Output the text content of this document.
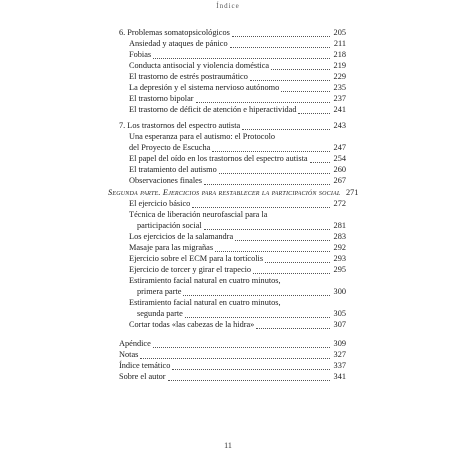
Índice
6. Problemas somatopsicológicos	205
Ansiedad y ataques de pánico	211
Fobias	218
Conducta antisocial y violencia doméstica	219
El trastorno de estrés postraumático	229
La depresión y el sistema nervioso autónomo	235
El trastorno bipolar	237
El trastorno de déficit de atención e hiperactividad	241
7. Los trastornos del espectro autista	243
Una esperanza para el autismo: el Protocolo
del Proyecto de Escucha	247
El papel del oído en los trastornos del espectro autista	254
El tratamiento del autismo	260
Observaciones finales	267
Segunda parte. Ejercicios para restablecer la participación social 271
El ejercicio básico	272
Técnica de liberación neurofascial para la
participación social	281
Los ejercicios de la salamandra	283
Masaje para las migrañas	292
Ejercicio sobre el ECM para la tortícolis	293
Ejercicio de torcer y girar el trapecio	295
Estiramiento facial natural en cuatro minutos,
primera parte	300
Estiramiento facial natural en cuatro minutos,
segunda parte	305
Cortar todas «las cabezas de la hidra»	307
Apéndice	309
Notas	327
Índice temático	337
Sobre el autor	341
11
